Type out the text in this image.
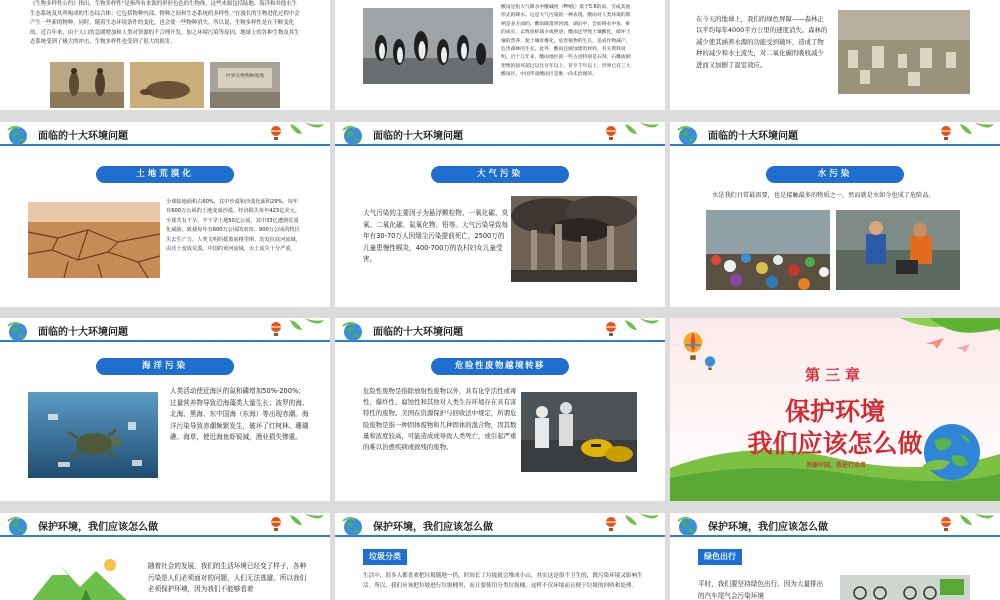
《生物多样性公约》指出，生物多样性“是指所有来源的形形色色的生物体，这些来源包括陆地、海洋和其他水生生态系统及其所构成的生态综合体；它包括物种内部、物种之间和生态系统的多样性。”在漫长的生物进化过程中会产生一些新的物种，同时，随着生态环境条件的变化，也会使一些物种消失。所以说，生物多样性是在不断变化的。近百年来，由于人口的急剧增加和人类对资源的不合理开发，加之环境污染等原因，地球上的各种生物及其生态系统受到了极大的冲击，生物多样性也受到了很大的损害。
世界灭绝物种墓地
酸雨是指大气降水中酸碱度（PH值）低于5.6的雨、雪或其他形式的降水。这是大气污染的一种表现。酸雨对人类环境的影响是多方面的。酸雨降落到河流、湖泊中，会妨碍水中鱼、虾的成长，以致鱼虾减少或绝迹；酸雨还导致土壤酸化，破坏土壤的营养，使土壤贫瘠化，危害植物的生长，造成作物减产，危害森林的生长。此外，酸雨还腐蚀建筑材料，有关资料说明，近十几年来，酸雨地区的一些古迹特别是石刻、石雕或铜塑像的损坏超过以往百年以上，甚至千年以上。世界已有三大酸雨区。中国华南酸雨区是唯一尚未治理的。
在今天的地球上，我们的绿色屏障——森林正以平均每年4000平方公里的速度消失。森林的减少使其涵养水源的功能受到破坏，造成了物种的减少和水土流失，对二氧化碳的吸收减少进而又加剧了温室效应。
面临的十大环境问题
土地荒漠化
全球陆地面积占60%，其中沙漠和沙漠化面积29%。每年有600万公顷的土地变成沙漠。经济损失每年423亿美元。全球共有干旱、半干旱土地50亿公顷，其中33亿遭到荒漠化威胁。致使每年有600万公顷的农田、900万公顷的牧区失去生产力。人类文明的摇篮底格里斯、幼发拉底河流域，由沃土变成荒漠。中国的黄河流域，水土流失十分严重。
面临的十大环境问题
大气污染
大气污染的主要因子为悬浮颗粒物、一氧化碳、臭氧、二氧化碳、氮氧化物、铅等。大气污染导致每年有30-70万人因烟尘污染提前死亡，2500万的儿童患慢性喉炎，400-700万的农村妇女儿童受害。
面临的十大环境问题
水污染
水是我们日常最需要，也是接触最多的物质之一，然而就是水如今也成了危险品。
面临的十大环境问题
海洋污染
人类活动使近海区的氮和磷增加50%-200%；过量营养物导致沿海藻类大量生长；波罗的海、北海、黑海、东中国海（东海）等出现赤潮。海洋污染导致赤潮频繁发生，破坏了红树林、珊瑚礁、海草，使近海鱼虾锐减，渔业损失惨重。
面临的十大环境问题
危险性废物越境转移
危险性废物是指除放射性废物以外，具有化学活性或毒性、爆炸性、腐蚀性和其他对人类生存环境存在具有害特性的废物。美国在资源保护与回收法中规定，所谓危险废物是指一种固体废物和几种固体的混合物，因其数量和浓度较高，可能造成或导致人类死亡，或引起严重的难以治愈疾病或致残的废物。
第三章
保护环境
我们应该怎么做
美丽中国，我是行动者
保护环境，我们应该怎么做
随着社会的发展，我们的生活环境已经变了样子，各种污染是人们必须面对的问题，人们无法逃避。所以我们必须保护环境，因为我们不能够看着
保护环境，我们应该怎么做
垃圾分类
生活中，很多人都喜欢把垃圾随地一扔，时间长了垃圾就会堆成小山，其实这是很不卫生的，既污染环境又影响生活。所以，我们应该把垃圾进行垃圾桶里，而且要使用分类垃圾桶，这样不仅环境而且便于垃圾的回收和处理。
保护环境，我们应该怎么做
绿色出行
平时，我们要坚持绿色出行。因为大量排出的汽车尾气会污染环境
